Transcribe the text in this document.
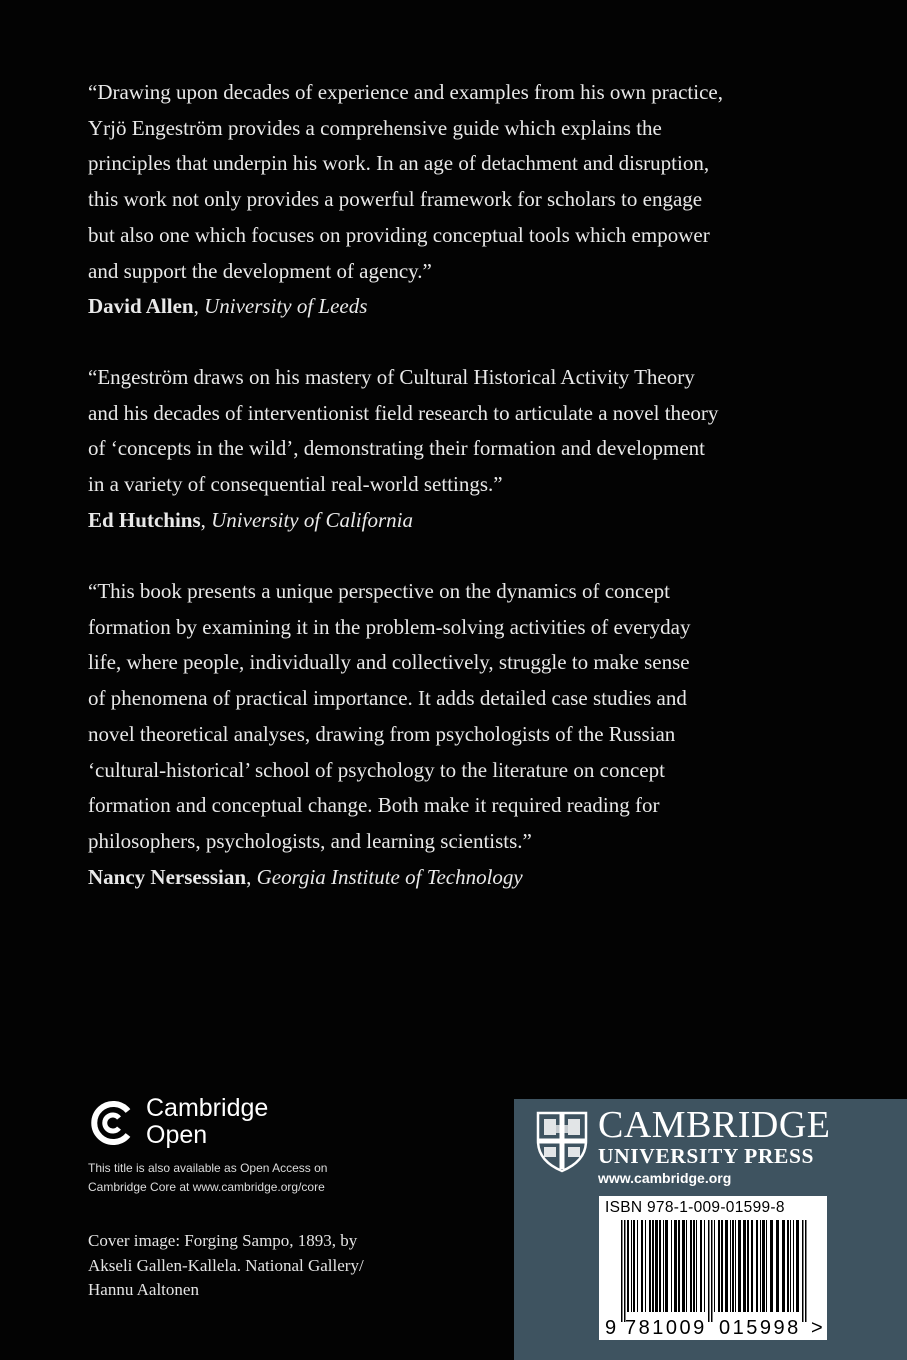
“Drawing upon decades of experience and examples from his own practice,

Yrjö Engeström provides a comprehensive guide which explains the

principles that underpin his work. In an age of detachment and disruption,

this work not only provides a powerful framework for scholars to engage

but also one which focuses on providing conceptual tools which empower

and support the development of agency.”

David Allen, University of Leeds

“Engeström draws on his mastery of Cultural Historical Activity Theory

and his decades of interventionist field research to articulate a novel theory

of ‘concepts in the wild’, demonstrating their formation and development

in a variety of consequential real-world settings.”

Ed Hutchins, University of California

“This book presents a unique perspective on the dynamics of concept

formation by examining it in the problem-solving activities of everyday

life, where people, individually and collectively, struggle to make sense

of phenomena of practical importance. It adds detailed case studies and

novel theoretical analyses, drawing from psychologists of the Russian

‘cultural-historical’ school of psychology to the literature on concept

formation and conceptual change. Both make it required reading for

philosophers, psychologists, and learning scientists.”

Nancy Nersessian, Georgia Institute of Technology

Cambridge
Open
This title is also available as Open Access on
Cambridge Core at www.cambridge.org/core
Cover image: Forging Sampo, 1893, by
Akseli Gallen-Kallela. National Gallery/
Hannu Aaltonen
CAMBRIDGE
UNIVERSITY PRESS
www.cambridge.org
9 781009 015998 >
ISBN 978-1-009-01599-8
